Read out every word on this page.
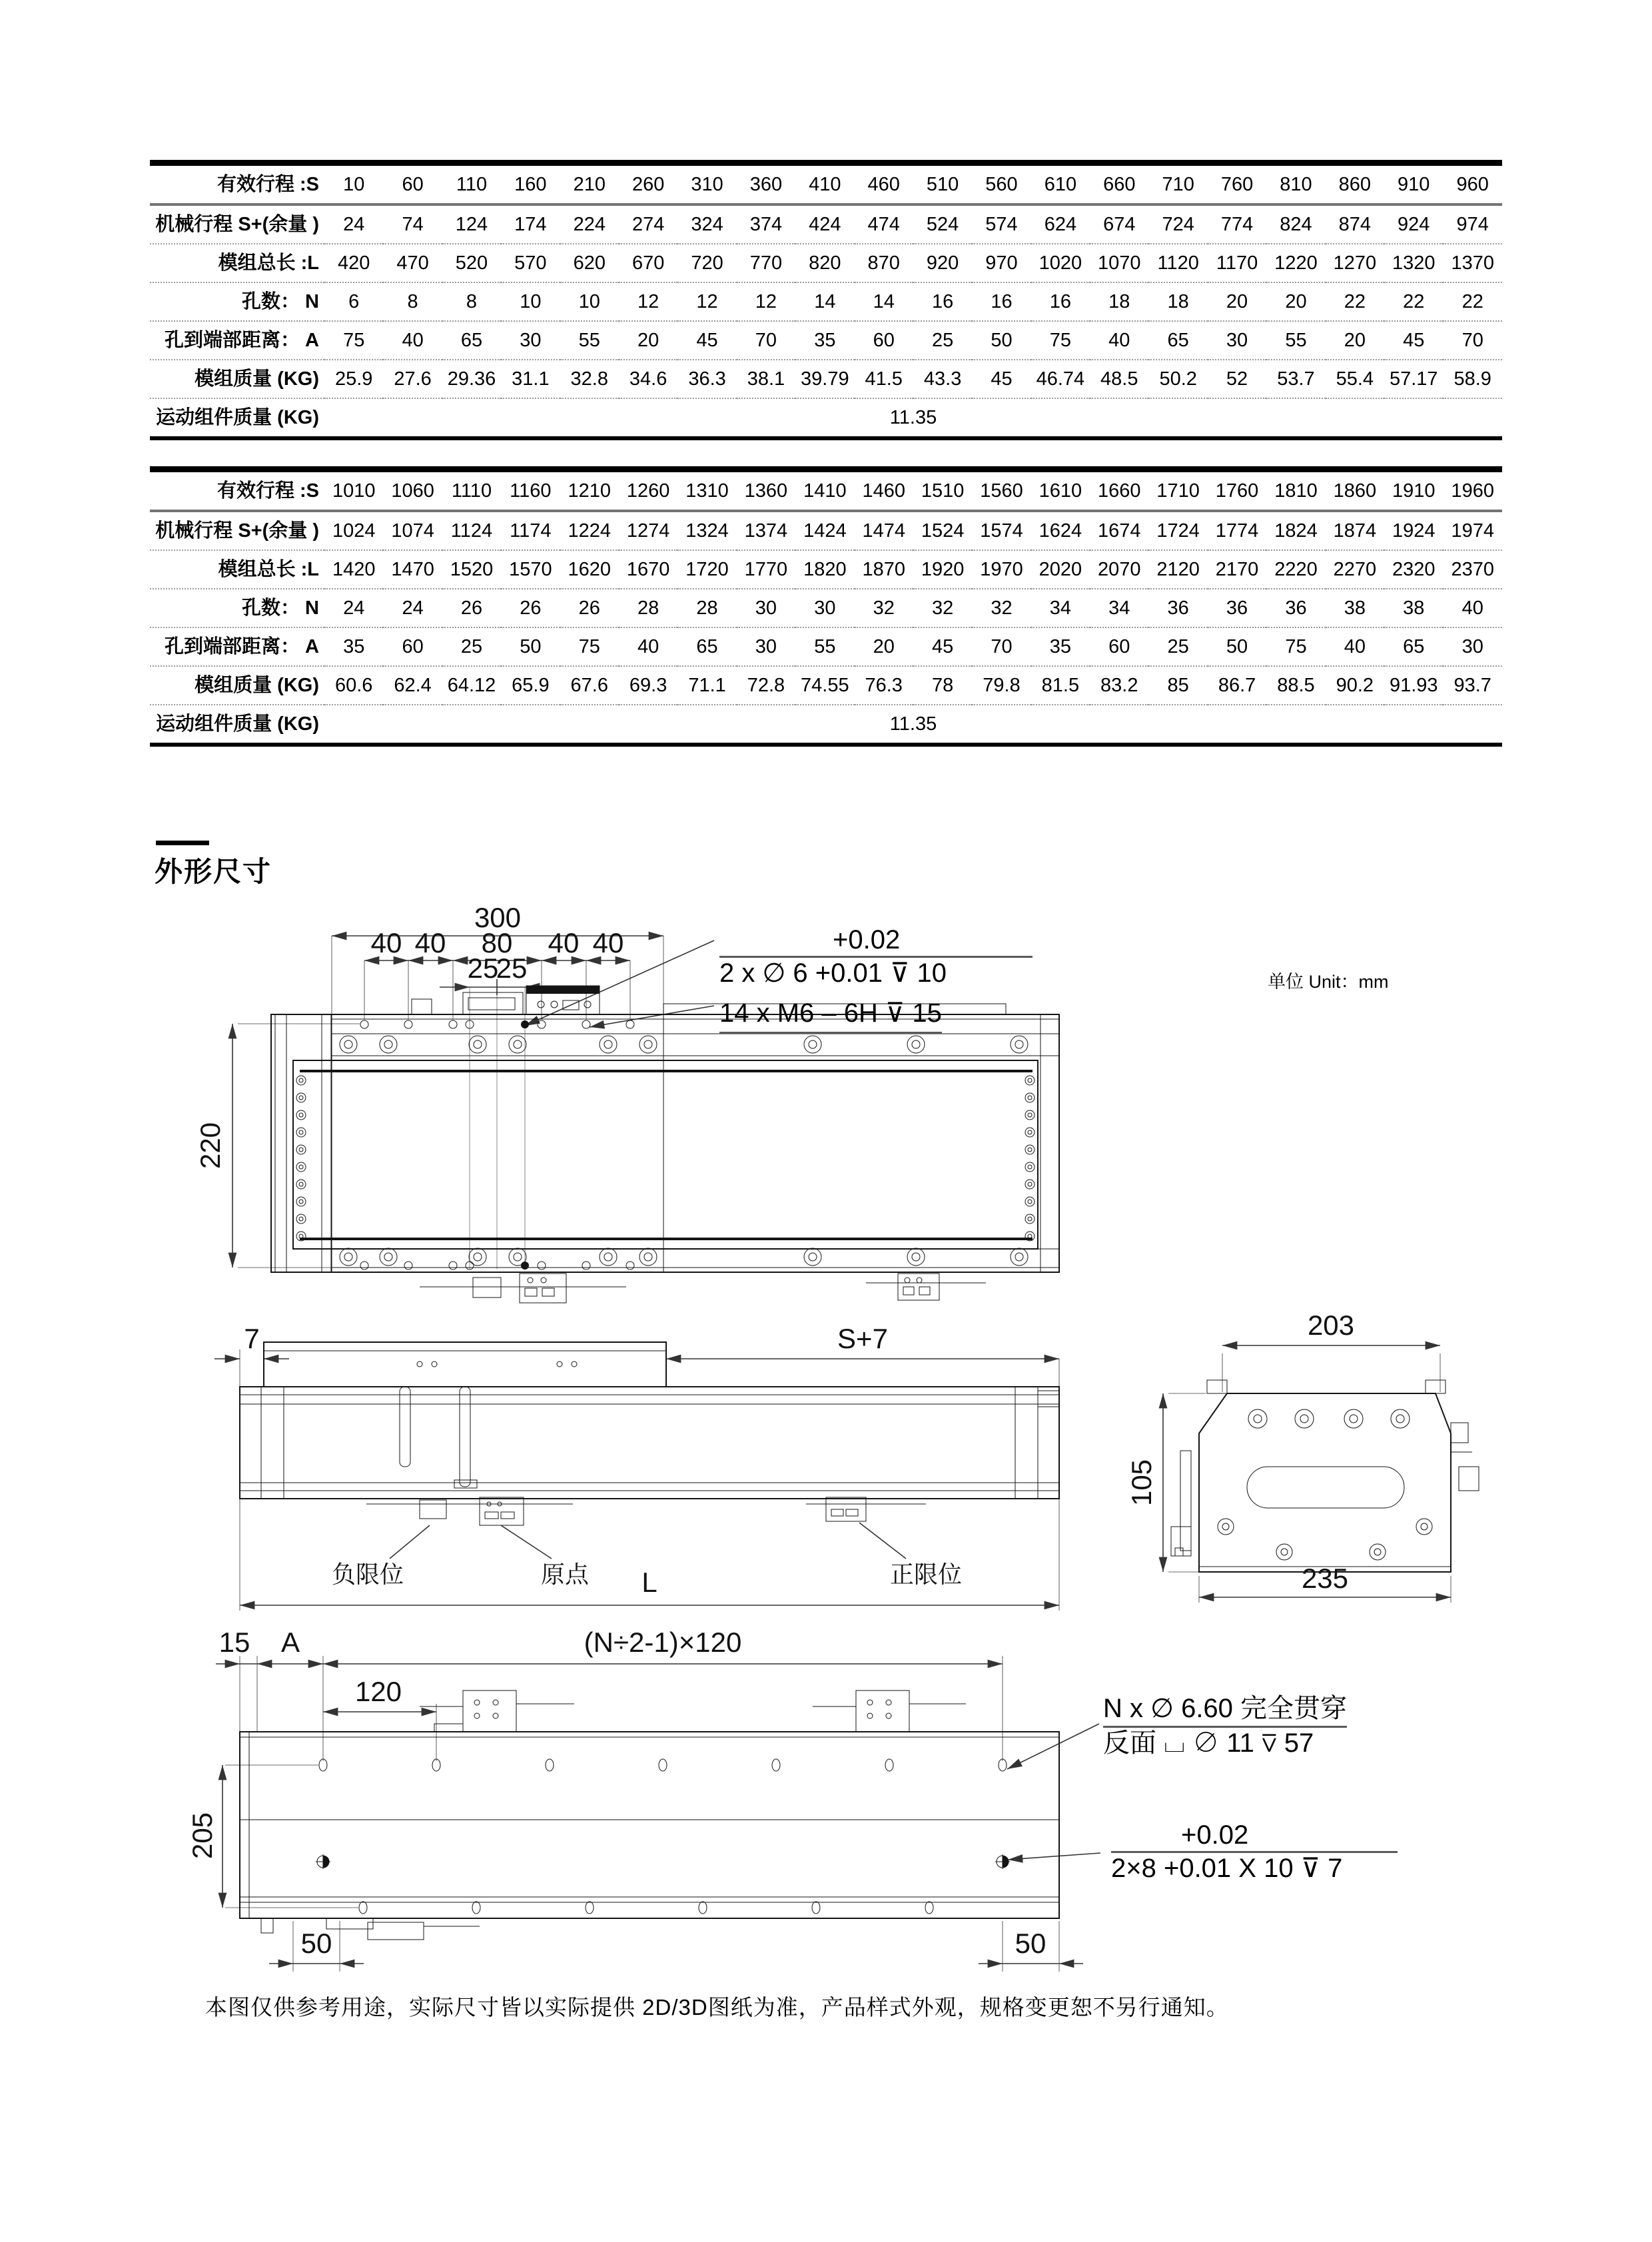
有效行程 :S	10	60	110	160	210	260	310	360	410	460	510	560	610	660	710	760	810	860	910	960
机械行程 S+(余量 )	24	74	124	174	224	274	324	374	424	474	524	574	624	674	724	774	824	874	924	974
模组总长 :L	420	470	520	570	620	670	720	770	820	870	920	970	1020	1070	1120	1170	1220	1270	1320	1370
孔数： N	6	8	8	10	10	12	12	12	14	14	16	16	16	18	18	20	20	22	22	22
孔到端部距离： A	75	40	65	30	55	20	45	70	35	60	25	50	75	40	65	30	55	20	45	70
模组质量 (KG)	25.9	27.6	29.36	31.1	32.8	34.6	36.3	38.1	39.79	41.5	43.3	45	46.74	48.5	50.2	52	53.7	55.4	57.17	58.9
运动组件质量 (KG)	11.35																			
有效行程 :S	1010	1060	1110	1160	1210	1260	1310	1360	1410	1460	1510	1560	1610	1660	1710	1760	1810	1860	1910	1960
机械行程 S+(余量 )	1024	1074	1124	1174	1224	1274	1324	1374	1424	1474	1524	1574	1624	1674	1724	1774	1824	1874	1924	1974
模组总长 :L	1420	1470	1520	1570	1620	1670	1720	1770	1820	1870	1920	1970	2020	2070	2120	2170	2220	2270	2320	2370
孔数： N	24	24	26	26	26	28	28	30	30	32	32	32	34	34	36	36	36	38	38	40
孔到端部距离： A	35	60	25	50	75	40	65	30	55	20	45	70	35	60	25	50	75	40	65	30
模组质量 (KG)	60.6	62.4	64.12	65.9	67.6	69.3	71.1	72.8	74.55	76.3	78	79.8	81.5	83.2	85	86.7	88.5	90.2	91.93	93.7
运动组件质量 (KG)	11.35																			
外形尺寸
单位 Unit：mm
300
40 40 80 40 40
25
25
220
+0.02
2 x ∅ 6 +0.01 ⊽ 10
14 x M6 – 6H ⊽ 15
7	S+7
L
负限位	原点	正限位
203
105
235
15 A	(N÷2-1)×120
120
205
50	50
N x ∅ 6.60 完全贯穿
反面 ⌴ ∅ 11 ⊽ 57
+0.02
2×8 +0.01 X 10 ⊽ 7
本图仅供参考用途，实际尺寸皆以实际提供 2D/3D图纸为准，产品样式外观，规格变更恕不另行通知。
